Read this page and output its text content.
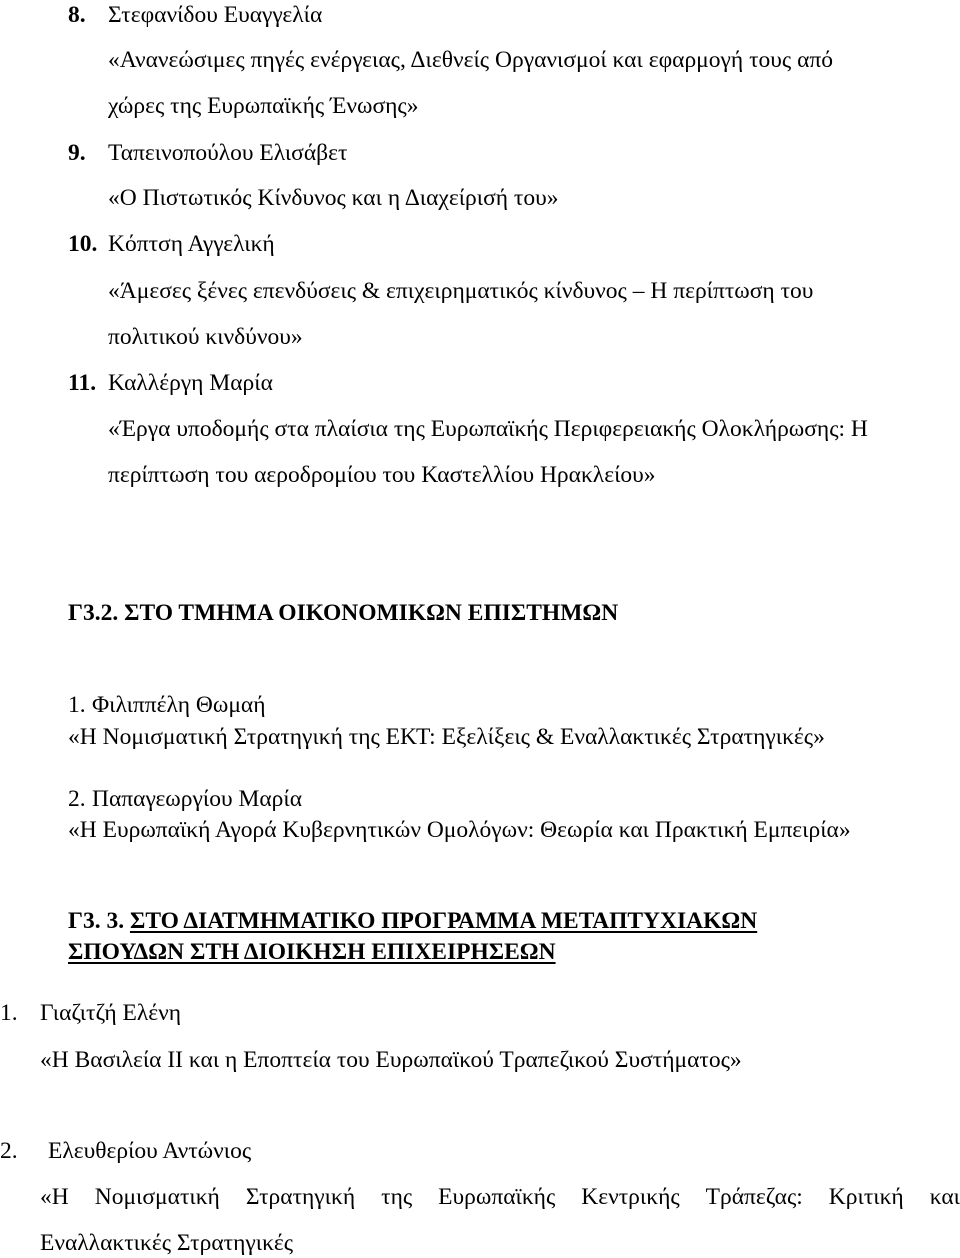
8. Στεφανίδου Ευαγγελία
«Ανανεώσιμες πηγές ενέργειας, Διεθνείς Οργανισμοί και εφαρμογή τους από
χώρες της Ευρωπαϊκής Ένωσης»
9. Ταπεινοπούλου Ελισάβετ
«Ο Πιστωτικός Κίνδυνος και η Διαχείρισή του»
10. Κόπτση Αγγελική
«Άμεσες ξένες επενδύσεις & επιχειρηματικός κίνδυνος – Η περίπτωση του
πολιτικού κινδύνου»
11. Καλλέργη Μαρία
«Έργα υποδομής στα πλαίσια της Ευρωπαϊκής Περιφερειακής Ολοκλήρωσης: Η
περίπτωση του αεροδρομίου του Καστελλίου Ηρακλείου»
Γ3.2. ΣΤΟ ΤΜΗΜΑ ΟΙΚΟΝΟΜΙΚΩΝ ΕΠΙΣΤΗΜΩΝ
1. Φιλιππέλη Θωμαή
«Η Νομισματική Στρατηγική της ΕΚΤ: Εξελίξεις & Εναλλακτικές Στρατηγικές»
2. Παπαγεωργίου Μαρία
«Η Ευρωπαϊκή Αγορά Κυβερνητικών Ομολόγων: Θεωρία και Πρακτική Εμπειρία»
Γ3. 3. ΣΤΟ ΔΙΑΤΜΗΜΑΤΙΚΟ ΠΡΟΓΡΑΜΜΑ ΜΕΤΑΠΤΥΧΙΑΚΩΝ
ΣΠΟΥΔΩΝ ΣΤΗ ΔΙΟΙΚΗΣΗ ΕΠΙΧΕΙΡΗΣΕΩΝ
1. Γιαζιτζή Ελένη
«Η Βασιλεία ΙΙ και η Εποπτεία του Ευρωπαϊκού Τραπεζικού Συστήματος»
2. Ελευθερίου Αντώνιος
«Η Νομισματική Στρατηγική της Ευρωπαϊκής Κεντρικής Τράπεζας: Κριτική και
Εναλλακτικές Στρατηγικές
